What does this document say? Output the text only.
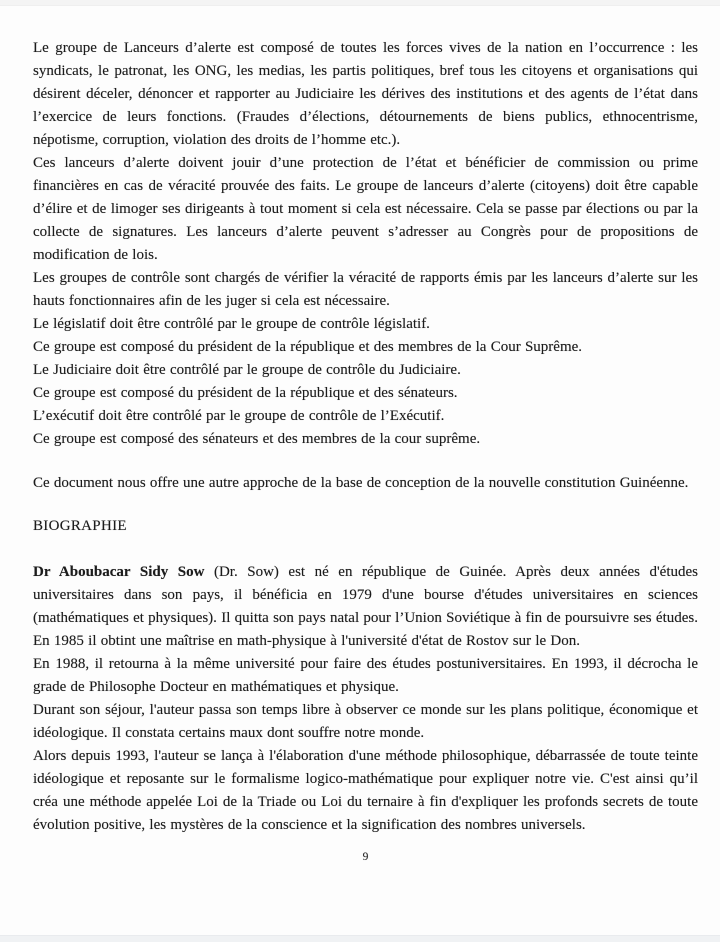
Le groupe de Lanceurs d’alerte est composé de toutes les forces vives de la nation en l’occurrence : les syndicats, le patronat, les ONG, les medias, les partis politiques, bref tous les citoyens et organisations qui désirent déceler, dénoncer et rapporter au Judiciaire les dérives des institutions et des agents de l’état dans l’exercice de leurs fonctions. (Fraudes d’élections, détournements de biens publics, ethnocentrisme, népotisme, corruption, violation des droits de l’homme etc.).

Ces lanceurs d’alerte doivent jouir d’une protection de l’état et bénéficier de commission ou prime financières en cas de véracité prouvée des faits. Le groupe de lanceurs d’alerte (citoyens) doit être capable d’élire et de limoger ses dirigeants à tout moment si cela est nécessaire. Cela se passe par élections ou par la collecte de signatures. Les lanceurs d’alerte peuvent s’adresser au Congrès pour de propositions de modification de lois.

Les groupes de contrôle sont chargés de vérifier la véracité de rapports émis par les lanceurs d’alerte sur les hauts fonctionnaires afin de les juger si cela est nécessaire.

Le législatif doit être contrôlé par le groupe de contrôle législatif.

Ce groupe est composé du président de la république et des membres de la Cour Suprême.

Le Judiciaire doit être contrôlé par le groupe de contrôle du Judiciaire.

Ce groupe est composé du président de la république et des sénateurs.

L’exécutif doit être contrôlé par le groupe de contrôle de l’Exécutif.

Ce groupe est composé des sénateurs et des membres de la cour suprême.

Ce document nous offre une autre approche de la base de conception de la nouvelle constitution Guinéenne.

BIOGRAPHIE

Dr Aboubacar Sidy Sow (Dr. Sow) est né en république de Guinée. Après deux années d'études universitaires dans son pays, il bénéficia en 1979 d'une bourse d'études universitaires en sciences (mathématiques et physiques). Il quitta son pays natal pour l’Union Soviétique à fin de poursuivre ses études. En 1985 il obtint une maîtrise en math-physique à l'université d'état de Rostov sur le Don.

En 1988, il retourna à la même université pour faire des études postuniversitaires. En 1993, il décrocha le grade de Philosophe Docteur en mathématiques et physique.

Durant son séjour, l'auteur passa son temps libre à observer ce monde sur les plans politique, économique et idéologique. Il constata certains maux dont souffre notre monde.

Alors depuis 1993, l'auteur se lança à l'élaboration d'une méthode philosophique, débarrassée de toute teinte idéologique et reposante sur le formalisme logico-mathématique pour expliquer notre vie. C'est ainsi qu’il créa une méthode appelée Loi de la Triade ou Loi du ternaire à fin d'expliquer les profonds secrets de toute évolution positive, les mystères de la conscience et la signification des nombres universels.

9
